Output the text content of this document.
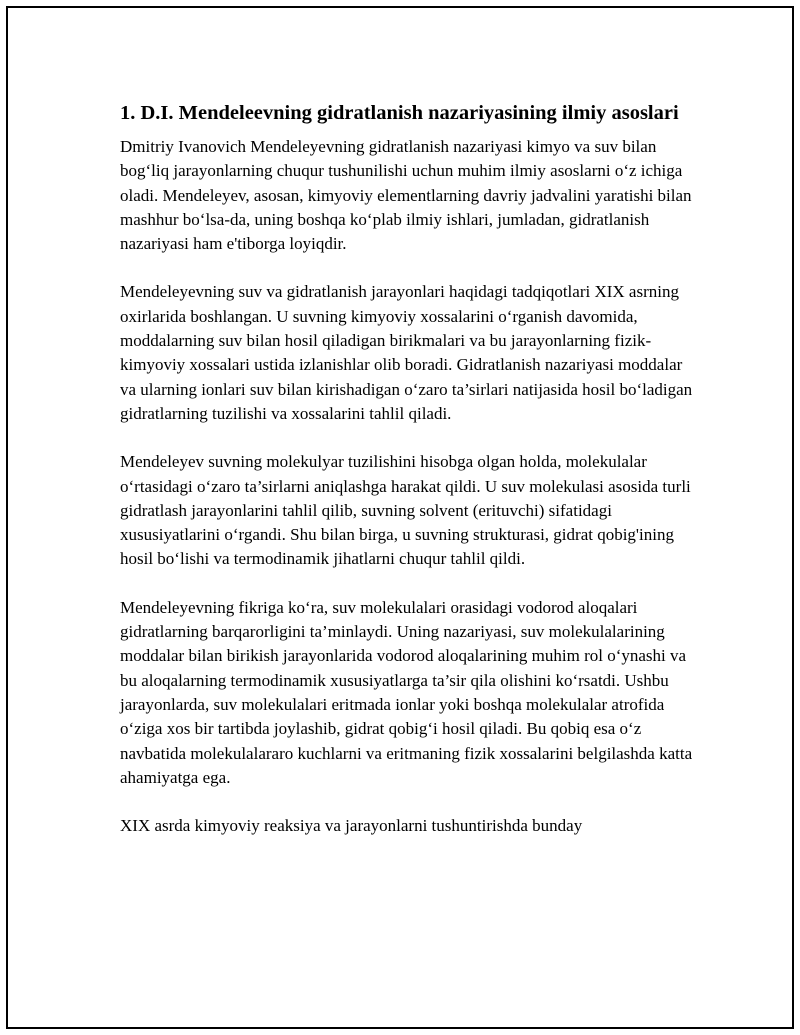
1. D.I. Mendeleevning gidratlanish nazariyasining ilmiy asoslari

Dmitriy Ivanovich Mendeleyevning gidratlanish nazariyasi kimyo va suv bilan bog‘liq jarayonlarning chuqur tushunilishi uchun muhim ilmiy asoslarni o‘z ichiga oladi. Mendeleyev, asosan, kimyoviy elementlarning davriy jadvalini yaratishi bilan mashhur bo‘lsa-da, uning boshqa ko‘plab ilmiy ishlari, jumladan, gidratlanish nazariyasi ham e'tiborga loyiqdir.

Mendeleyevning suv va gidratlanish jarayonlari haqidagi tadqiqotlari XIX asrning oxirlarida boshlangan. U suvning kimyoviy xossalarini o‘rganish davomida, moddalarning suv bilan hosil qiladigan birikmalari va bu jarayonlarning fizik-kimyoviy xossalari ustida izlanishlar olib boradi. Gidratlanish nazariyasi moddalar va ularning ionlari suv bilan kirishadigan o‘zaro ta’sirlari natijasida hosil bo‘ladigan gidratlarning tuzilishi va xossalarini tahlil qiladi.

Mendeleyev suvning molekulyar tuzilishini hisobga olgan holda, molekulalar o‘rtasidagi o‘zaro ta’sirlarni aniqlashga harakat qildi. U suv molekulasi asosida turli gidratlash jarayonlarini tahlil qilib, suvning solvent (erituvchi) sifatidagi xususiyatlarini o‘rgandi. Shu bilan birga, u suvning strukturasi, gidrat qobig'ining hosil bo‘lishi va termodinamik jihatlarni chuqur tahlil qildi.

Mendeleyevning fikriga ko‘ra, suv molekulalari orasidagi vodorod aloqalari gidratlarning barqarorligini ta’minlaydi. Uning nazariyasi, suv molekulalarining moddalar bilan birikish jarayonlarida vodorod aloqalarining muhim rol o‘ynashi va bu aloqalarning termodinamik xususiyatlarga ta’sir qila olishini ko‘rsatdi. Ushbu jarayonlarda, suv molekulalari eritmada ionlar yoki boshqa molekulalar atrofida o‘ziga xos bir tartibda joylashib, gidrat qobig‘i hosil qiladi. Bu qobiq esa o‘z navbatida molekulalararo kuchlarni va eritmaning fizik xossalarini belgilashda katta ahamiyatga ega.

XIX asrda kimyoviy reaksiya va jarayonlarni tushuntirishda bunday
